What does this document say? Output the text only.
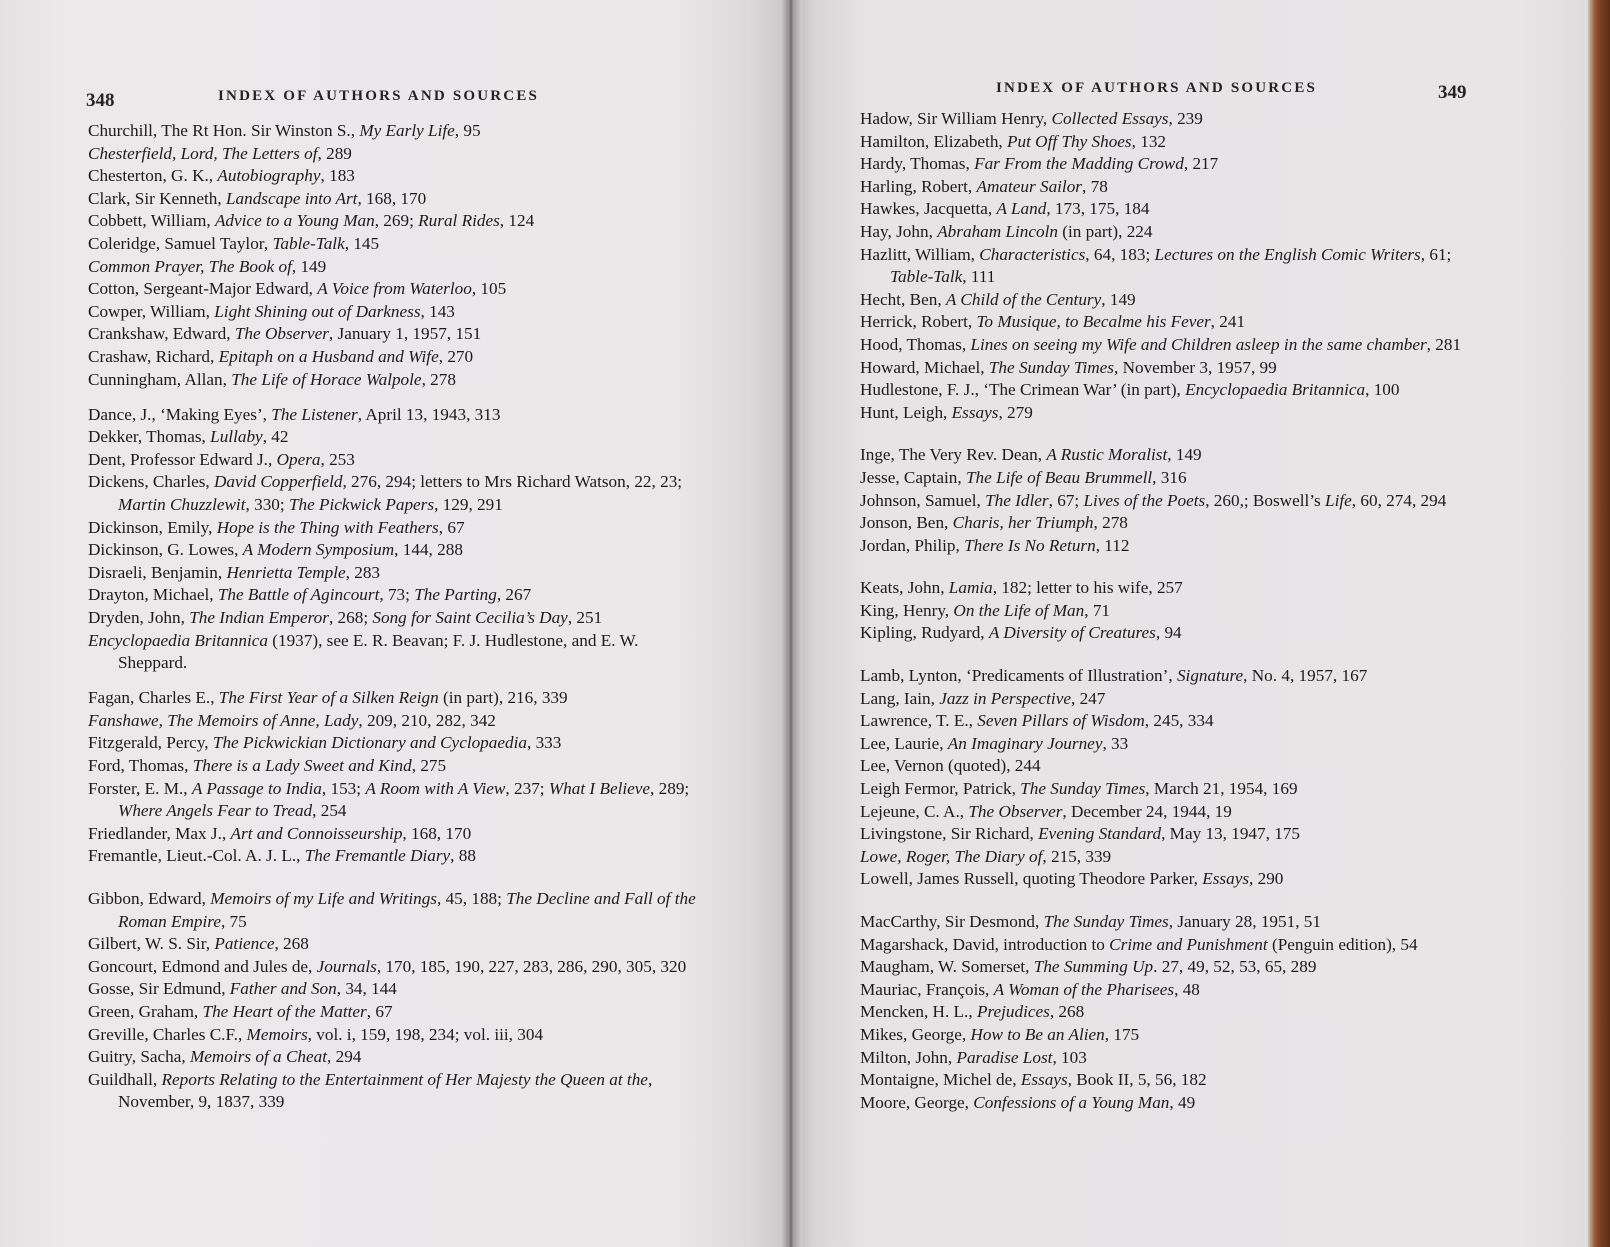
348	INDEX OF AUTHORS AND SOURCES

Churchill, The Rt Hon. Sir Winston S., My Early Life, 95

Chesterfield, Lord, The Letters of, 289

Chesterton, G. K., Autobiography, 183

Clark, Sir Kenneth, Landscape into Art, 168, 170

Cobbett, William, Advice to a Young Man, 269; Rural Rides, 124

Coleridge, Samuel Taylor, Table-Talk, 145

Common Prayer, The Book of, 149

Cotton, Sergeant-Major Edward, A Voice from Waterloo, 105

Cowper, William, Light Shining out of Darkness, 143

Crankshaw, Edward, The Observer, January 1, 1957, 151

Crashaw, Richard, Epitaph on a Husband and Wife, 270

Cunningham, Allan, The Life of Horace Walpole, 278

Dance, J., ‘Making Eyes’, The Listener, April 13, 1943, 313

Dekker, Thomas, Lullaby, 42

Dent, Professor Edward J., Opera, 253

Dickens, Charles, David Copperfield, 276, 294; letters to Mrs Richard Watson, 22, 23; Martin Chuzzlewit, 330; The Pickwick Papers, 129, 291

Dickinson, Emily, Hope is the Thing with Feathers, 67

Dickinson, G. Lowes, A Modern Symposium, 144, 288

Disraeli, Benjamin, Henrietta Temple, 283

Drayton, Michael, The Battle of Agincourt, 73; The Parting, 267

Dryden, John, The Indian Emperor, 268; Song for Saint Cecilia’s Day, 251

Encyclopaedia Britannica (1937), see E. R. Beavan; F. J. Hudlestone, and E. W. Sheppard.

Fagan, Charles E., The First Year of a Silken Reign (in part), 216, 339

Fanshawe, The Memoirs of Anne, Lady, 209, 210, 282, 342

Fitzgerald, Percy, The Pickwickian Dictionary and Cyclopaedia, 333

Ford, Thomas, There is a Lady Sweet and Kind, 275

Forster, E. M., A Passage to India, 153; A Room with A View, 237; What I Believe, 289; Where Angels Fear to Tread, 254

Friedlander, Max J., Art and Connoisseurship, 168, 170

Fremantle, Lieut.-Col. A. J. L., The Fremantle Diary, 88

Gibbon, Edward, Memoirs of my Life and Writings, 45, 188; The Decline and Fall of the Roman Empire, 75

Gilbert, W. S. Sir, Patience, 268

Goncourt, Edmond and Jules de, Journals, 170, 185, 190, 227, 283, 286, 290, 305, 320

Gosse, Sir Edmund, Father and Son, 34, 144

Green, Graham, The Heart of the Matter, 67

Greville, Charles C.F., Memoirs, vol. i, 159, 198, 234; vol. iii, 304

Guitry, Sacha, Memoirs of a Cheat, 294

Guildhall, Reports Relating to the Entertainment of Her Majesty the Queen at the, November, 9, 1837, 339

INDEX OF AUTHORS AND SOURCES	349

Hadow, Sir William Henry, Collected Essays, 239

Hamilton, Elizabeth, Put Off Thy Shoes, 132

Hardy, Thomas, Far From the Madding Crowd, 217

Harling, Robert, Amateur Sailor, 78

Hawkes, Jacquetta, A Land, 173, 175, 184

Hay, John, Abraham Lincoln (in part), 224

Hazlitt, William, Characteristics, 64, 183; Lectures on the English Comic Writers, 61; Table-Talk, 111

Hecht, Ben, A Child of the Century, 149

Herrick, Robert, To Musique, to Becalme his Fever, 241

Hood, Thomas, Lines on seeing my Wife and Children asleep in the same chamber, 281

Howard, Michael, The Sunday Times, November 3, 1957, 99

Hudlestone, F. J., ‘The Crimean War’ (in part), Encyclopaedia Britannica, 100

Hunt, Leigh, Essays, 279

Inge, The Very Rev. Dean, A Rustic Moralist, 149

Jesse, Captain, The Life of Beau Brummell, 316

Johnson, Samuel, The Idler, 67; Lives of the Poets, 260,; Boswell’s Life, 60, 274, 294

Jonson, Ben, Charis, her Triumph, 278

Jordan, Philip, There Is No Return, 112

Keats, John, Lamia, 182; letter to his wife, 257

King, Henry, On the Life of Man, 71

Kipling, Rudyard, A Diversity of Creatures, 94

Lamb, Lynton, ‘Predicaments of Illustration’, Signature, No. 4, 1957, 167

Lang, Iain, Jazz in Perspective, 247

Lawrence, T. E., Seven Pillars of Wisdom, 245, 334

Lee, Laurie, An Imaginary Journey, 33

Lee, Vernon (quoted), 244

Leigh Fermor, Patrick, The Sunday Times, March 21, 1954, 169

Lejeune, C. A., The Observer, December 24, 1944, 19

Livingstone, Sir Richard, Evening Standard, May 13, 1947, 175

Lowe, Roger, The Diary of, 215, 339

Lowell, James Russell, quoting Theodore Parker, Essays, 290

MacCarthy, Sir Desmond, The Sunday Times, January 28, 1951, 51

Magarshack, David, introduction to Crime and Punishment (Penguin edition), 54

Maugham, W. Somerset, The Summing Up. 27, 49, 52, 53, 65, 289

Mauriac, François, A Woman of the Pharisees, 48

Mencken, H. L., Prejudices, 268

Mikes, George, How to Be an Alien, 175

Milton, John, Paradise Lost, 103

Montaigne, Michel de, Essays, Book II, 5, 56, 182

Moore, George, Confessions of a Young Man, 49
